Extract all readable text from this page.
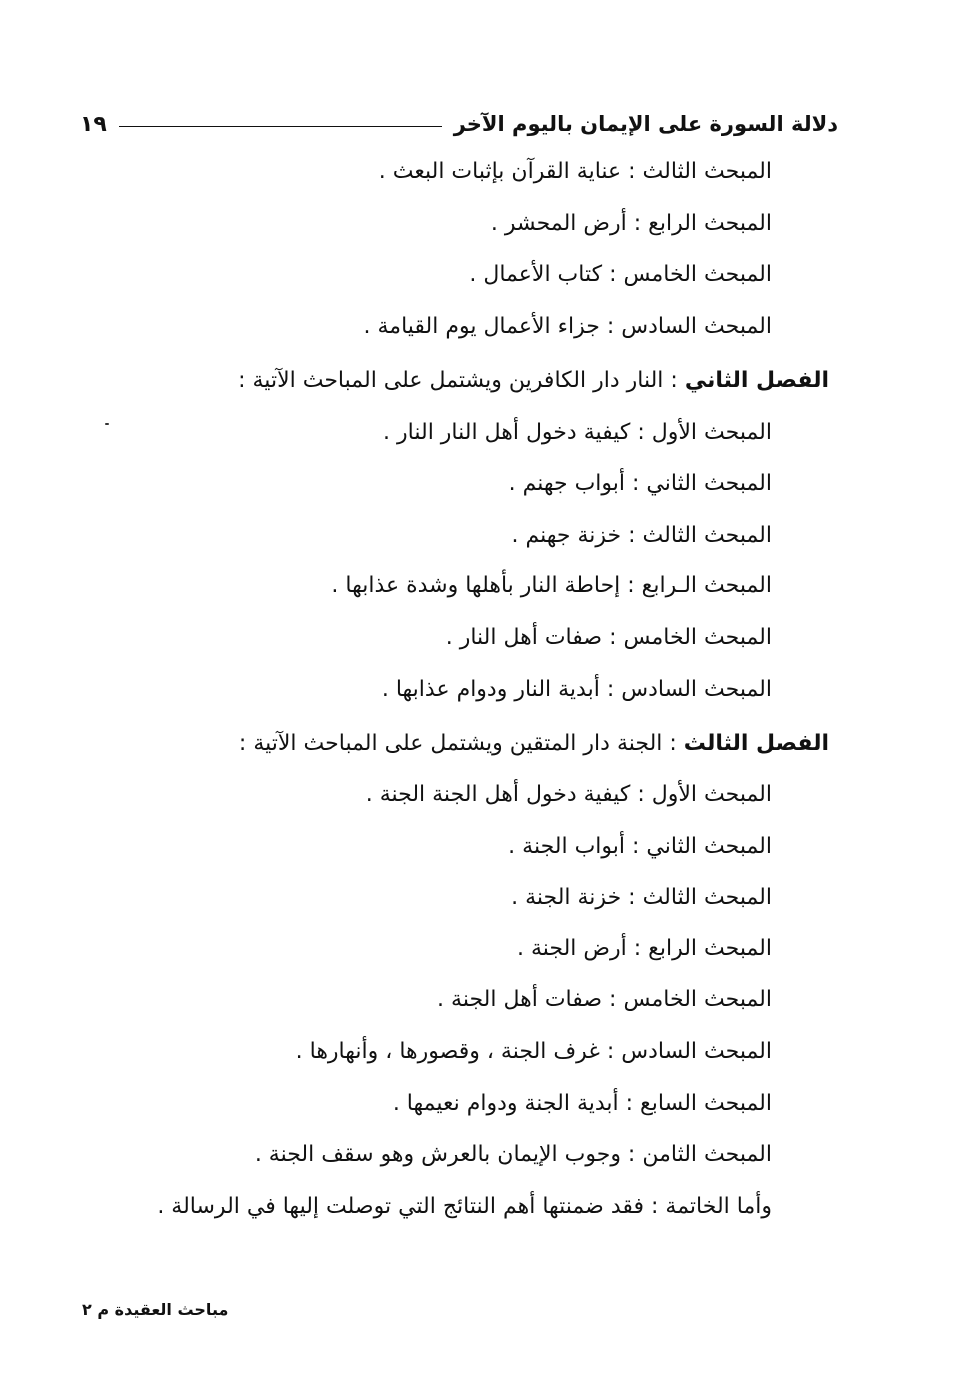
دلالة السورة على الإيمان باليوم الآخر
١٩
المبحث الثالث : عناية القرآن بإثبات البعث .
المبحث الرابع : أرض المحشر .
المبحث الخامس : كتاب الأعمال .
المبحث السادس : جزاء الأعمال يوم القيامة .
الفصل الثاني : النار دار الكافرين ويشتمل على المباحث الآتية :
المبحث الأول : كيفية دخول أهل النار النار .
المبحث الثاني : أبواب جهنم .
المبحث الثالث : خزنة جهنم .
المبحث الـرابع : إحاطة النار بأهلها وشدة عذابها .
المبحث الخامس : صفات أهل النار .
المبحث السادس : أبدية النار ودوام عذابها .
الفصل الثالث : الجنة دار المتقين ويشتمل على المباحث الآتية :
المبحث الأول : كيفية دخول أهل الجنة الجنة .
المبحث الثاني : أبواب الجنة .
المبحث الثالث : خزنة الجنة .
المبحث الرابع : أرض الجنة .
المبحث الخامس : صفات أهل الجنة .
المبحث السادس : غرف الجنة ، وقصورها ، وأنهارها .
المبحث السابع : أبدية الجنة ودوام نعيمها .
المبحث الثامن : وجوب الإيمان بالعرش وهو سقف الجنة .
وأما الخاتمة : فقد ضمنتها أهم النتائج التي توصلت إليها في الرسالة .
مباحث العقيدة م ٢
